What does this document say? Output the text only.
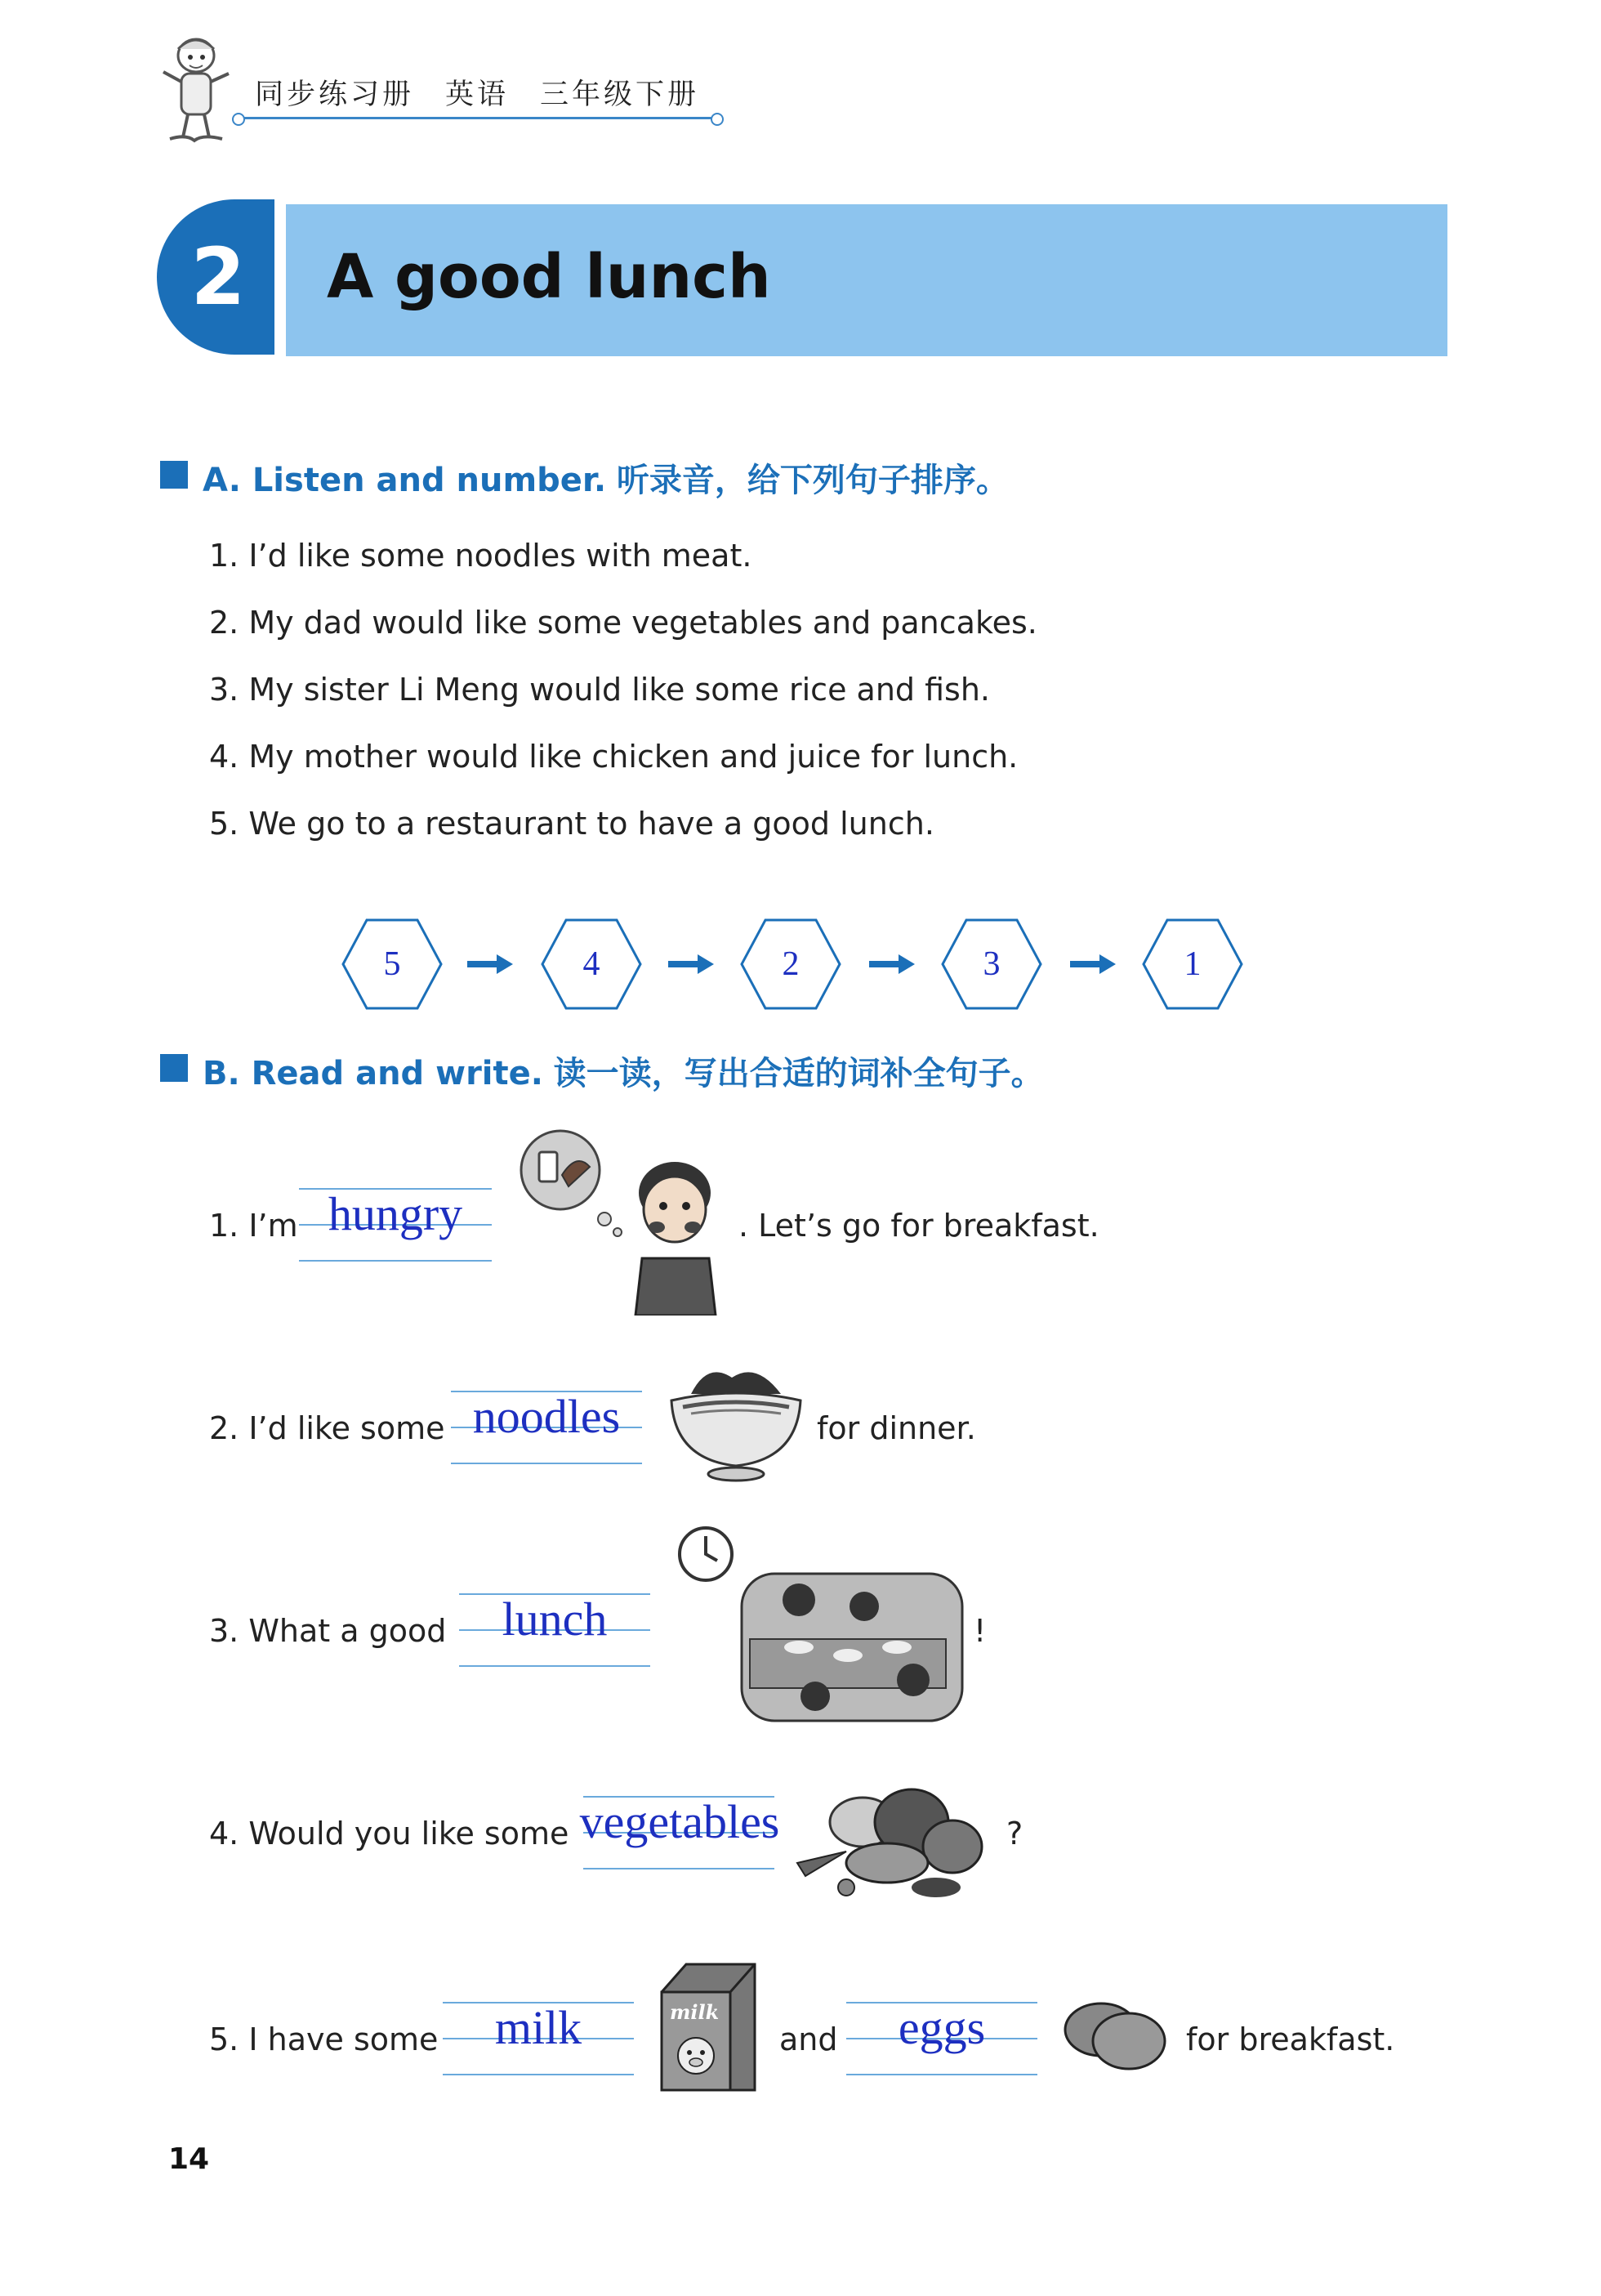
同步练习册 英语 三年级下册
2	A good lunch
A. Listen and number. 听录音，给下列句子排序。
1. I’d like some noodles with meat.
2. My dad would like some vegetables and pancakes.
3. My sister Li Meng would like some rice and fish.
4. My mother would like chicken and juice for lunch.
5. We go to a restaurant to have a good lunch.
5	4	2	3	1
B. Read and write. 读一读，写出合适的词补全句子。
1. I’m hungry	. Let’s go for breakfast.
2. I’d like some noodles	for dinner.
3. What a good	lunch	!
4. Would you like some vegetables	?
5. I have some	milk	milk
and	eggs	for breakfast.
14
